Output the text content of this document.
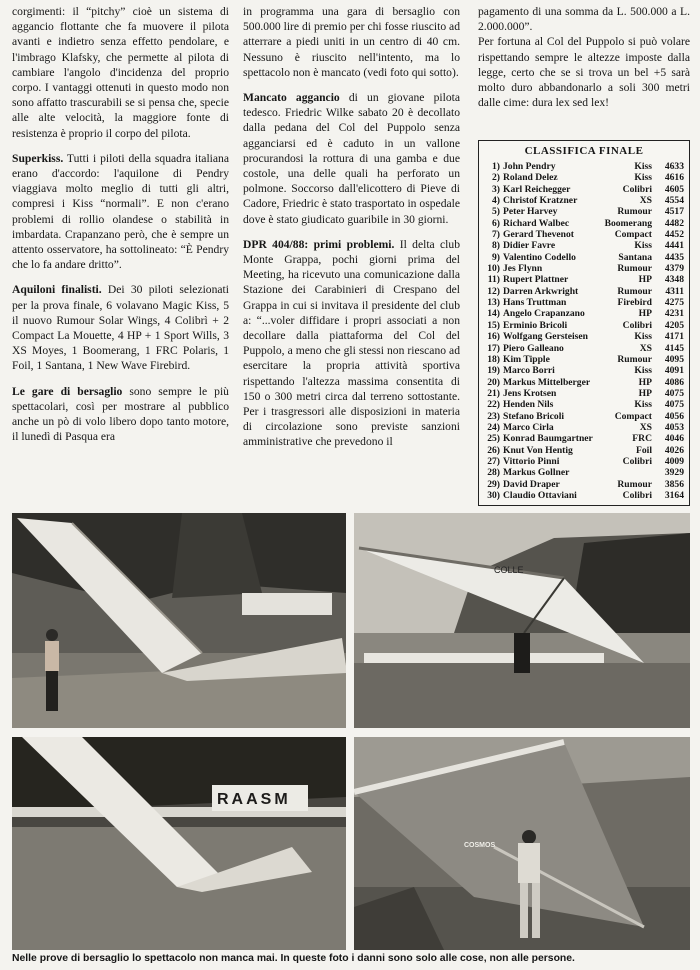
corgimenti: il “pitchy” cioè un sistema di aggancio flottante che fa muovere il pilota avanti e indietro senza effetto pendolare, e l'imbrago Klafsky, che permette al pilota di cambiare l'angolo d'incidenza del proprio corpo. I vantaggi ottenuti in questo modo non sono affatto trascurabili se si pensa che, specie alle alte velocità, la maggiore fonte di resistenza è proprio il corpo del pilota.

Superkiss. Tutti i piloti della squadra italiana erano d'accordo: l'aquilone di Pendry viaggiava molto meglio di tutti gli altri, compresi i Kiss “normali”. E non c'erano problemi di rollio olandese o stabilità in imbardata. Crapanzano però, che è sempre un attento osservatore, ha sottolineato: “È Pendry che lo fa andare dritto”.

Aquiloni finalisti. Dei 30 piloti selezionati per la prova finale, 6 volavano Magic Kiss, 5 il nuovo Rumour Solar Wings, 4 Colibrì + 2 Compact La Mouette, 4 HP + 1 Sport Wills, 3 XS Moyes, 1 Boomerang, 1 FRC Polaris, 1 Foil, 1 Santana, 1 New Wave Firebird.

Le gare di bersaglio sono sempre le più spettacolari, così per mostrare al pubblico anche un pò di volo libero dopo tanto motore, il lunedì di Pasqua era

in programma una gara di bersaglio con 500.000 lire di premio per chi fosse riuscito ad atterrare a piedi uniti in un centro di 40 cm. Nessuno è riuscito nell'intento, ma lo spettacolo non è mancato (vedi foto qui sotto).

Mancato aggancio di un giovane pilota tedesco. Friedric Wilke sabato 20 è decollato dalla pedana del Col del Puppolo senza agganciarsi ed è caduto in un vallone procurandosi la rottura di una gamba e due costole, una delle quali ha perforato un polmone. Soccorso dall'elicottero di Pieve di Cadore, Friedric è stato trasportato in ospedale dove è stato giudicato guaribile in 30 giorni.

DPR 404/88: primi problemi. Il delta club Monte Grappa, pochi giorni prima del Meeting, ha ricevuto una comunicazione dalla Stazione dei Carabinieri di Crespano del Grappa in cui si invitava il presidente del club a: “...voler diffidare i propri associati a non decollare dalla piattaforma del Col del Puppolo, a meno che gli stessi non riescano ad esercitare la propria attività sportiva rispettando l'altezza massima consentita di 150 o 300 metri circa dal terreno sottostante. Per i trasgressori alle disposizioni in materia di circolazione sono previste sanzioni amministrative che prevedono il

pagamento di una somma da L. 500.000 a L. 2.000.000”.

Per fortuna al Col del Puppolo si può volare rispettando sempre le altezze imposte dalla legge, certo che se si trova un bel +5 sarà molto duro abbandonarlo a soli 300 metri dalle cime: dura lex sed lex!

CLASSIFICA FINALE
1)	John Pendry	Kiss	4633
2)	Roland Delez	Kiss	4616
3)	Karl Reichegger	Colibri	4605
4)	Christof Kratzner	XS	4554
5)	Peter Harvey	Rumour	4517
6)	Richard Walbec	Boomerang	4482
7)	Gerard Thevenot	Compact	4452
8)	Didier Favre	Kiss	4441
9)	Valentino Codello	Santana	4435
10)	Jes Flynn	Rumour	4379
11)	Rupert Plattner	HP	4348
12)	Darren Arkwright	Rumour	4311
13)	Hans Truttman	Firebird	4275
14)	Angelo Crapanzano	HP	4231
15)	Erminio Bricoli	Colibri	4205
16)	Wolfgang Gersteisen	Kiss	4171
17)	Piero Galleano	XS	4145
18)	Kim Tipple	Rumour	4095
19)	Marco Borri	Kiss	4091
20)	Markus Mittelberger	HP	4086
21)	Jens Krotsen	HP	4075
22)	Henden Nils	Kiss	4075
23)	Stefano Bricoli	Compact	4056
24)	Marco Cirla	XS	4053
25)	Konrad Baumgartner	FRC	4046
26)	Knut Von Hentig	Foil	4026
27)	Vittorio Pinni	Colibri	4009
28)	Markus Gollner		3929
29)	David Draper	Rumour	3856
30)	Claudio Ottaviani	Colibri	3164
COLLE
RAASM
COSMOS
Nelle prove di bersaglio lo spettacolo non manca mai. In queste foto i danni sono solo alle cose, non alle persone.
